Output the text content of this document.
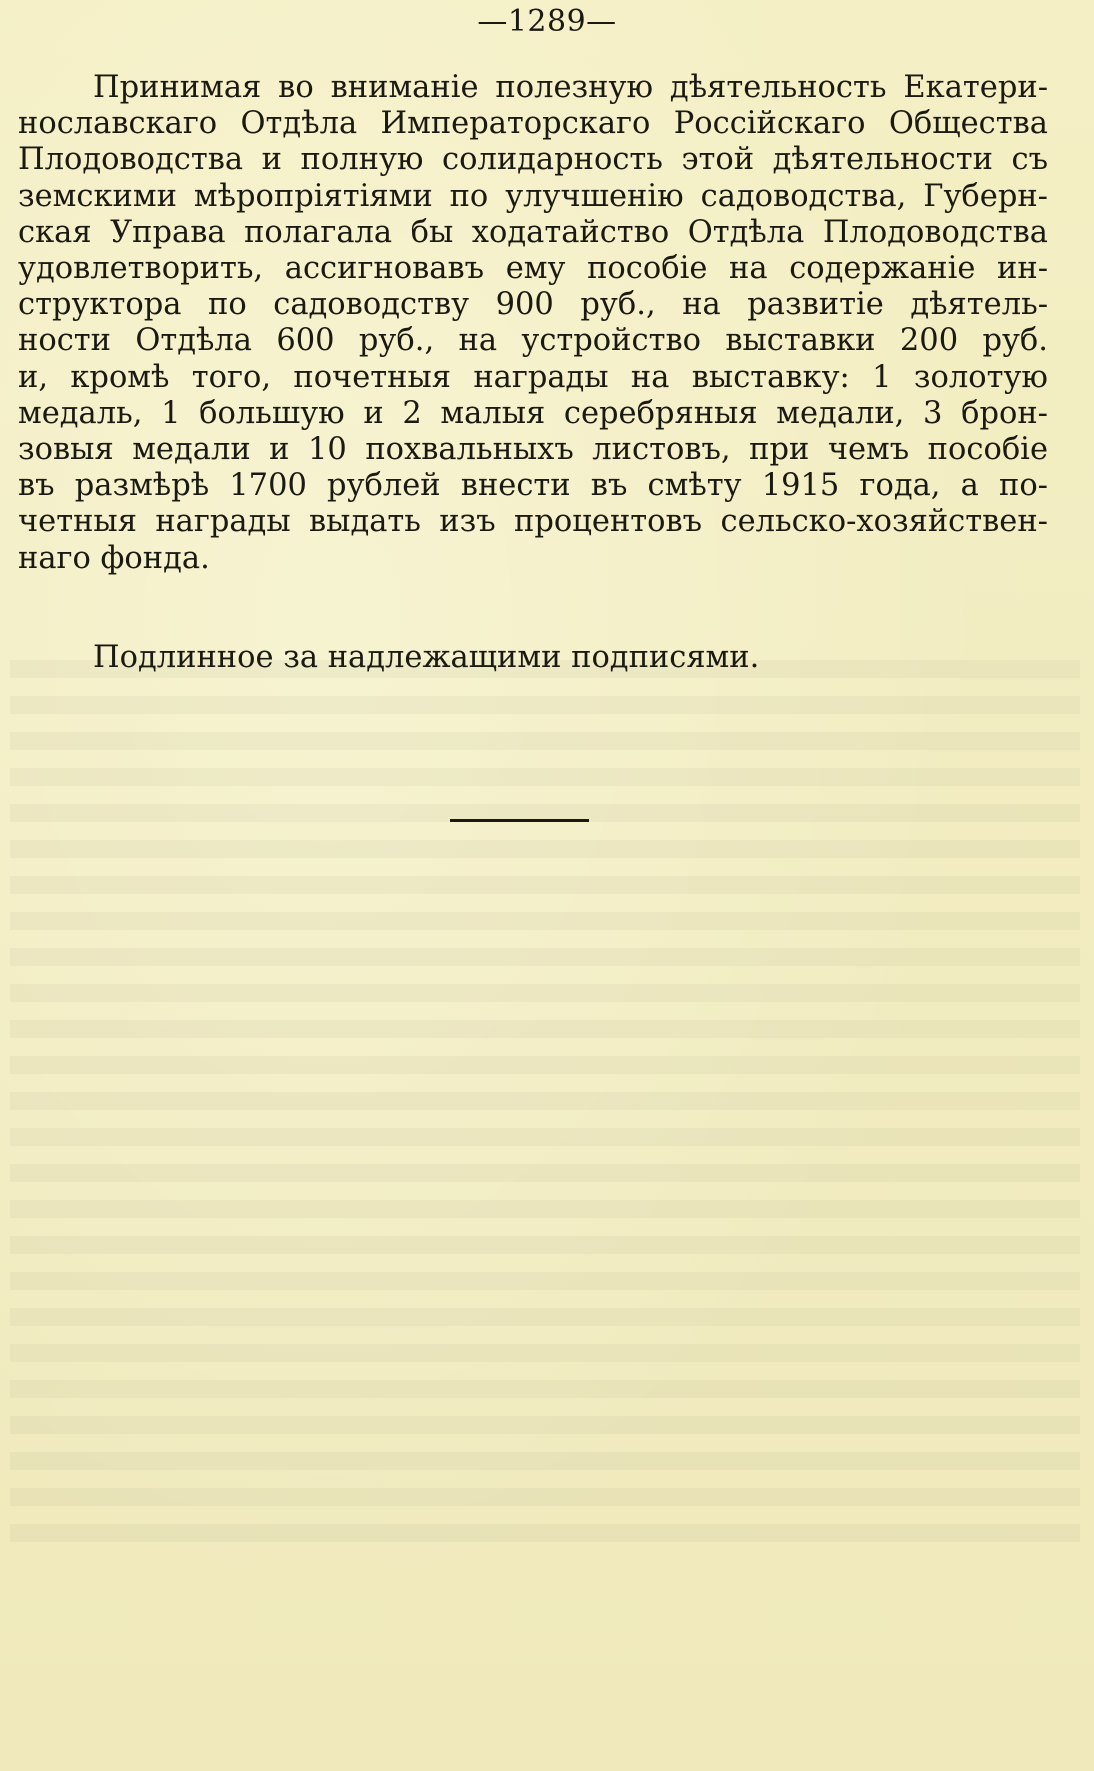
—1289—
Принимая во вниманіе полезную дѣятельность Екатери-
нославскаго Отдѣла Императорскаго Россійскаго Общества
Плодоводства и полную солидарность этой дѣятельности съ
земскими мѣропріятіями по улучшенію садоводства, Губерн-
ская Управа полагала бы ходатайство Отдѣла Плодоводства
удовлетворить, ассигновавъ ему пособіе на содержаніе ин-
структора по садоводству 900 руб., на развитіе дѣятель-
ности Отдѣла 600 руб., на устройство выставки 200 руб.
и, кромѣ того, почетныя награды на выставку: 1 золотую
медаль, 1 большую и 2 малыя серебряныя медали, 3 брон-
зовыя медали и 10 похвальныхъ листовъ, при чемъ пособіе
въ размѣрѣ 1700 рублей внести въ смѣту 1915 года, а по-
четныя награды выдать изъ процентовъ сельско-хозяйствен-
наго фонда.
Подлинное за надлежащими подписями.
